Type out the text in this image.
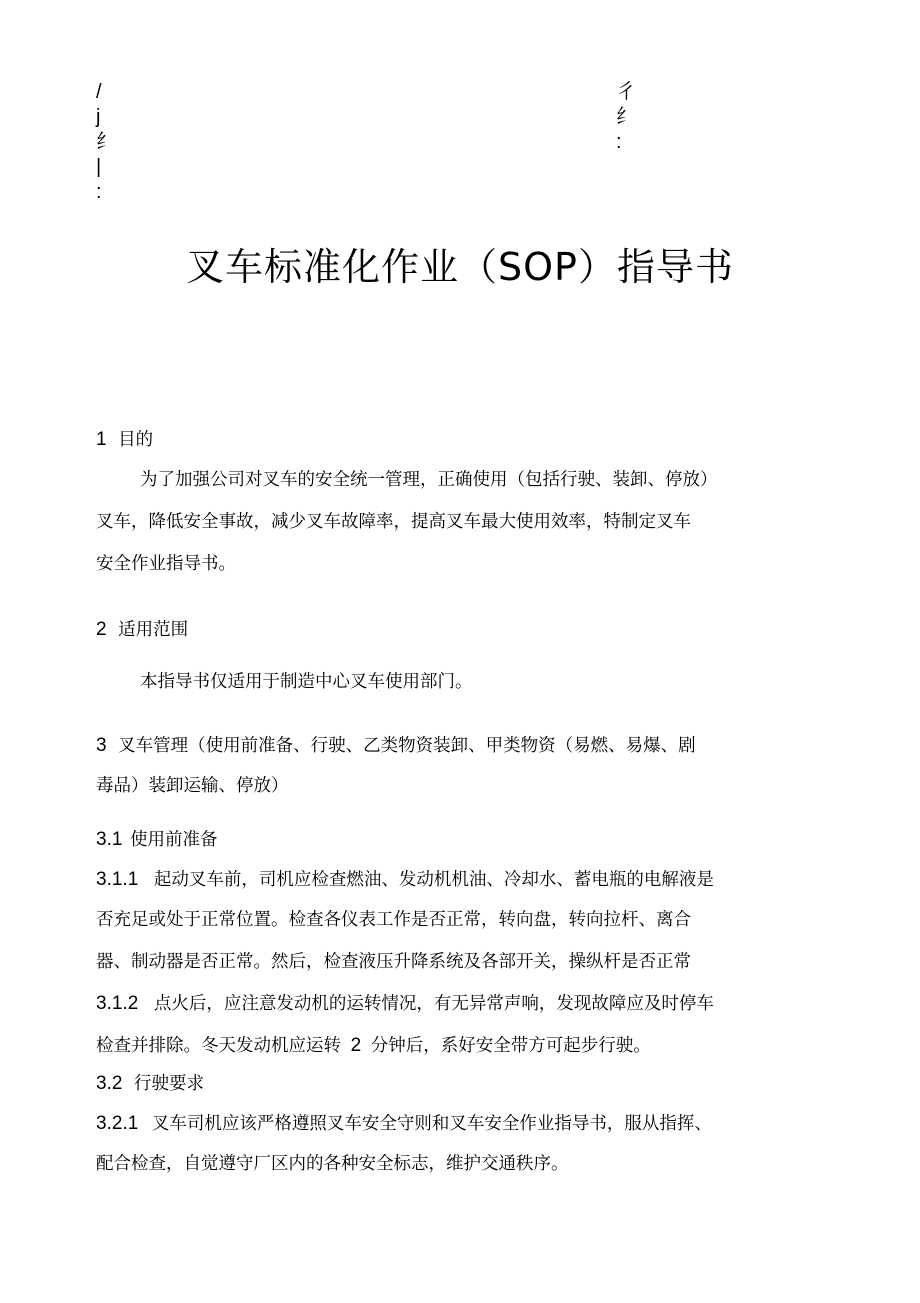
/
j
纟
|
:
彳
纟
:
叉车标准化作业（SOP）指导书
1 目的
为了加强公司对叉车的安全统一管理，正确使用（包括行驶、装卸、停放）
叉车，降低安全事故，减少叉车故障率，提高叉车最大使用效率，特制定叉车
安全作业指导书。
2 适用范围
本指导书仅适用于制造中心叉车使用部门。
3 叉车管理（使用前准备、行驶、乙类物资装卸、甲类物资（易燃、易爆、剧
毒品）装卸运输、停放）
3.1 使用前准备
3.1.1 起动叉车前，司机应检查燃油、发动机机油、冷却水、蓄电瓶的电解液是
否充足或处于正常位置。检查各仪表工作是否正常，转向盘，转向拉杆、离合
器、制动器是否正常。然后，检查液压升降系统及各部开关，操纵杆是否正常
3.1.2 点火后，应注意发动机的运转情况，有无异常声响，发现故障应及时停车
检查并排除。冬天发动机应运转 2 分钟后，系好安全带方可起步行驶。
3.2 行驶要求
3.2.1 叉车司机应该严格遵照叉车安全守则和叉车安全作业指导书，服从指挥、
配合检查，自觉遵守厂区内的各种安全标志，维护交通秩序。
